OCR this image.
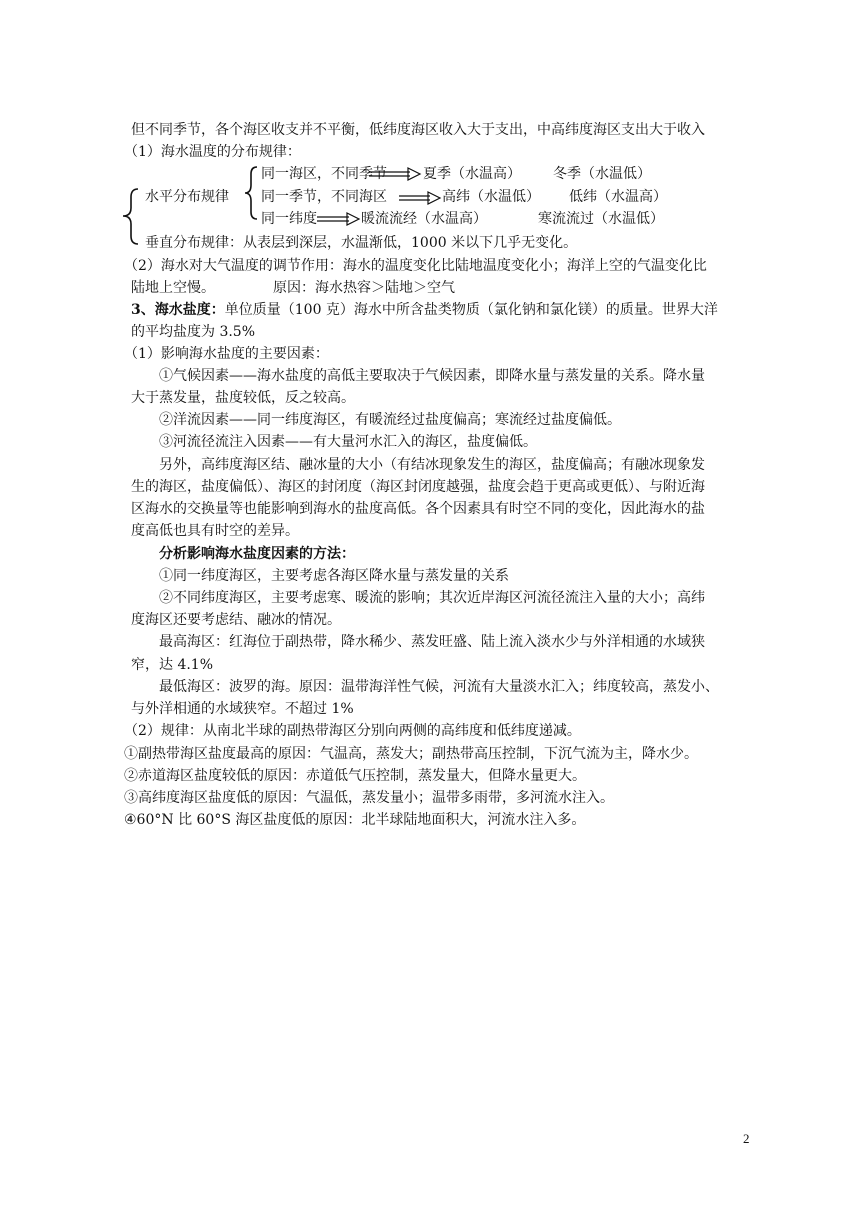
但不同季节，各个海区收支并不平衡，低纬度海区收入大于支出，中高纬度海区支出大于收入
（1）海水温度的分布规律：
同一海区，不同季节	夏季（水温高） 冬季（水温低）
水平分布规律 同一季节，不同海区	高纬（水温低） 低纬（水温高）
同一纬度	暖流流经（水温高）	寒流流过（水温低）
垂直分布规律：从表层到深层，水温渐低，1000 米以下几乎无变化。
（2）海水对大气温度的调节作用：海水的温度变化比陆地温度变化小；海洋上空的气温变化比
陆地上空慢。	原因：海水热容＞陆地＞空气
3、海水盐度：单位质量（100 克）海水中所含盐类物质（氯化钠和氯化镁）的质量。世界大洋
的平均盐度为 3.5%
（1）影响海水盐度的主要因素：
①气候因素——海水盐度的高低主要取决于气候因素，即降水量与蒸发量的关系。降水量
大于蒸发量，盐度较低，反之较高。
②洋流因素——同一纬度海区，有暖流经过盐度偏高；寒流经过盐度偏低。
③河流径流注入因素——有大量河水汇入的海区，盐度偏低。
另外，高纬度海区结、融冰量的大小（有结冰现象发生的海区，盐度偏高；有融冰现象发
生的海区，盐度偏低）、海区的封闭度（海区封闭度越强，盐度会趋于更高或更低）、与附近海
区海水的交换量等也能影响到海水的盐度高低。各个因素具有时空不同的变化，因此海水的盐
度高低也具有时空的差异。
分析影响海水盐度因素的方法：
①同一纬度海区，主要考虑各海区降水量与蒸发量的关系
②不同纬度海区，主要考虑寒、暖流的影响；其次近岸海区河流径流注入量的大小；高纬
度海区还要考虑结、融冰的情况。
最高海区：红海位于副热带，降水稀少、蒸发旺盛、陆上流入淡水少与外洋相通的水域狭
窄，达 4.1%
最低海区：波罗的海。原因：温带海洋性气候，河流有大量淡水汇入；纬度较高，蒸发小、
与外洋相通的水域狭窄。不超过 1%
（2）规律：从南北半球的副热带海区分别向两侧的高纬度和低纬度递减。
①副热带海区盐度最高的原因：气温高，蒸发大；副热带高压控制，下沉气流为主，降水少。
②赤道海区盐度较低的原因：赤道低气压控制，蒸发量大，但降水量更大。
③高纬度海区盐度低的原因：气温低，蒸发量小；温带多雨带，多河流水注入。
④60°N 比 60°S 海区盐度低的原因：北半球陆地面积大，河流水注入多。
2
